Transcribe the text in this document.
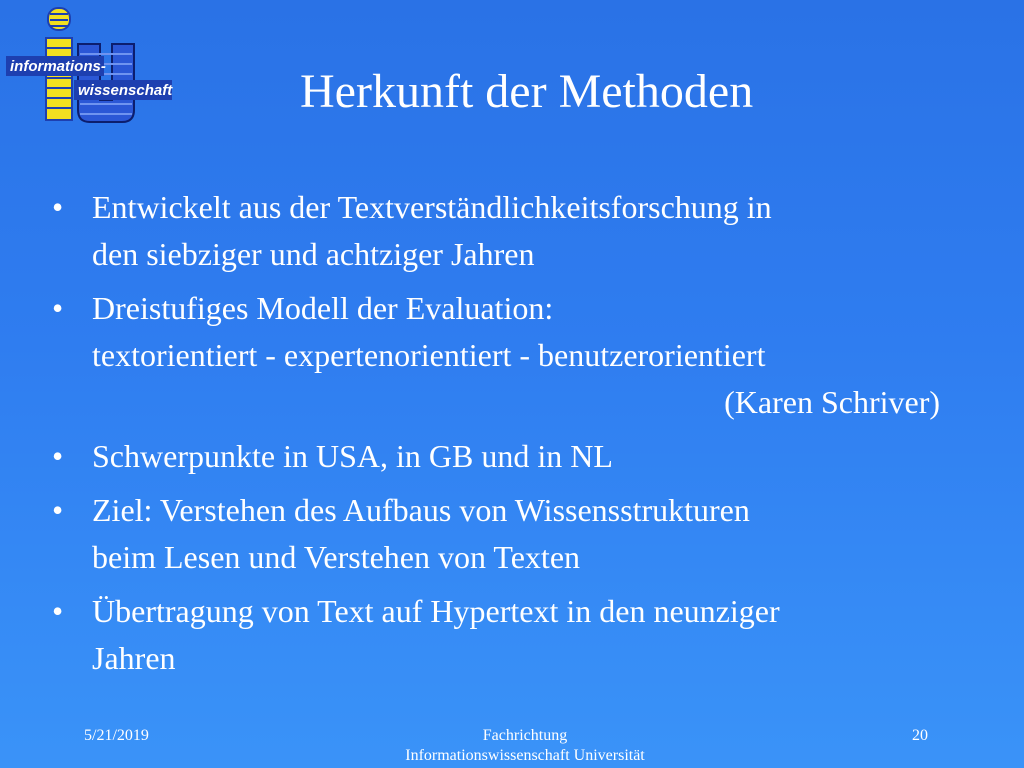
informations-
wissenschaft	Herkunft der Methoden
• Entwickelt aus der Textverständlichkeitsforschung in
den siebziger und achtziger Jahren
• Dreistufiges Modell der Evaluation:
textorientiert - expertenorientiert - benutzerorientiert
(Karen Schriver)
• Schwerpunkte in USA, in GB und in NL
• Ziel: Verstehen des Aufbaus von Wissensstrukturen
beim Lesen und Verstehen von Texten
• Übertragung von Text auf Hypertext in den neunziger
Jahren
5/21/2019	Fachrichtung
Informationswissenschaft Universität
20
